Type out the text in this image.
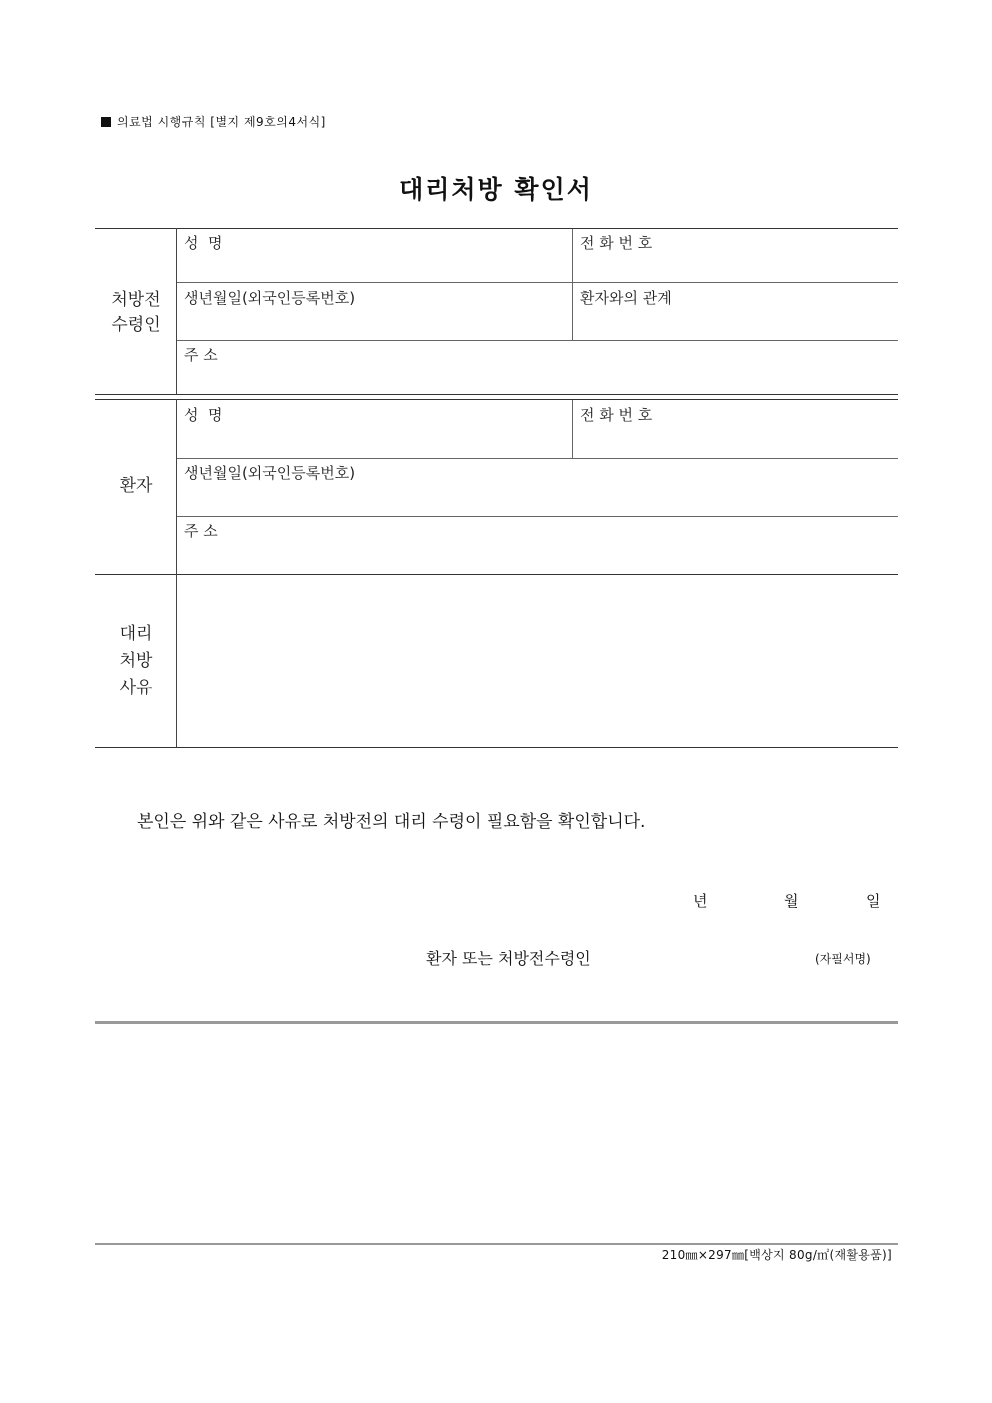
의료법 시행규칙 [별지 제9호의4서식]
대리처방 확인서
처방전
수령인
성  명	전 화 번 호
생년월일(외국인등록번호)	환자와의 관계
주 소
환자
성  명	전 화 번 호
생년월일(외국인등록번호)
주 소
대리
처방
사유
본인은 위와 같은 사유로 처방전의 대리 수령이 필요함을 확인합니다.
년	월	일
환자 또는 처방전수령인	(자필서명)
210㎜×297㎜[백상지 80g/㎡(재활용품)]
